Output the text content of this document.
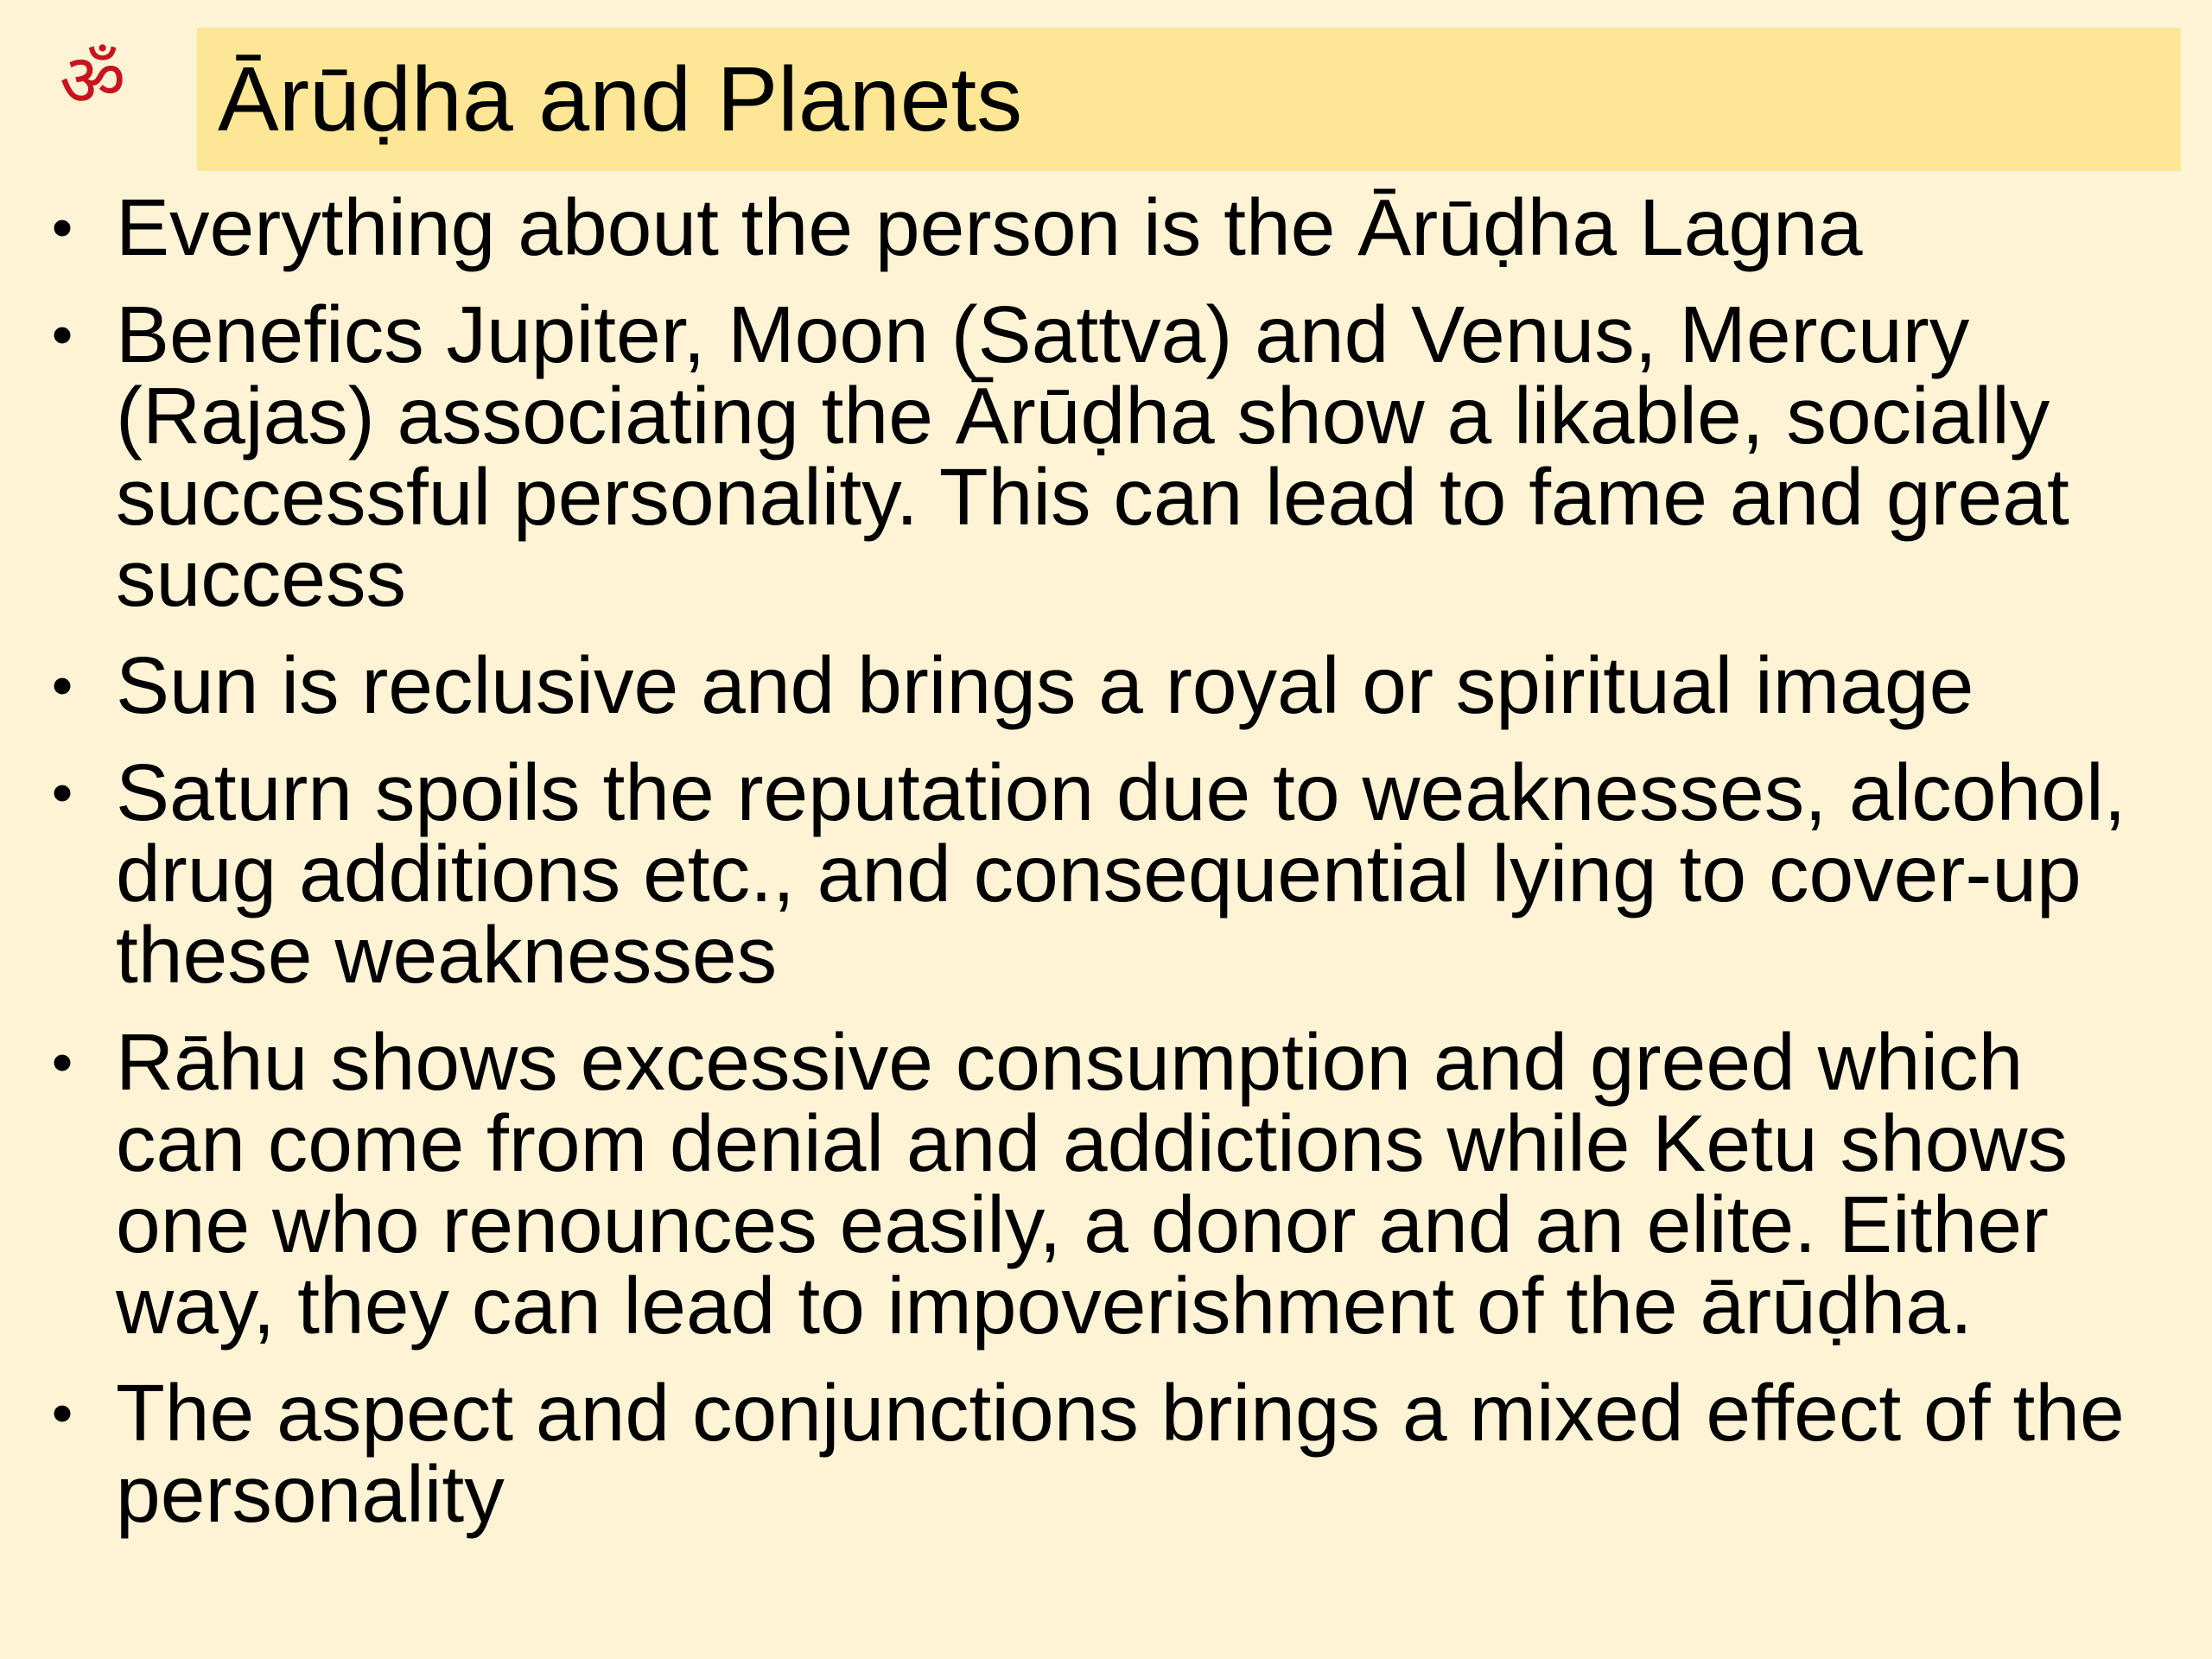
ॐ Ārūḍha and Planets
• Everything about the person is the Ārūḍha Lagna
• Benefics Jupiter, Moon (Sattva) and Venus, Mercury (Rajas) associating the Ārūḍha show a likable, socially successful personality. This can lead to fame and great success
• Sun is reclusive and brings a royal or spiritual image
• Saturn spoils the reputation due to weaknesses, alcohol, drug additions etc., and consequential lying to cover-up these weaknesses
• Rāhu shows excessive consumption and greed which can come from denial and addictions while Ketu shows one who renounces easily, a donor and an elite. Either way, they can lead to impoverishment of the ārūḍha.
• The aspect and conjunctions brings a mixed effect of the personality
